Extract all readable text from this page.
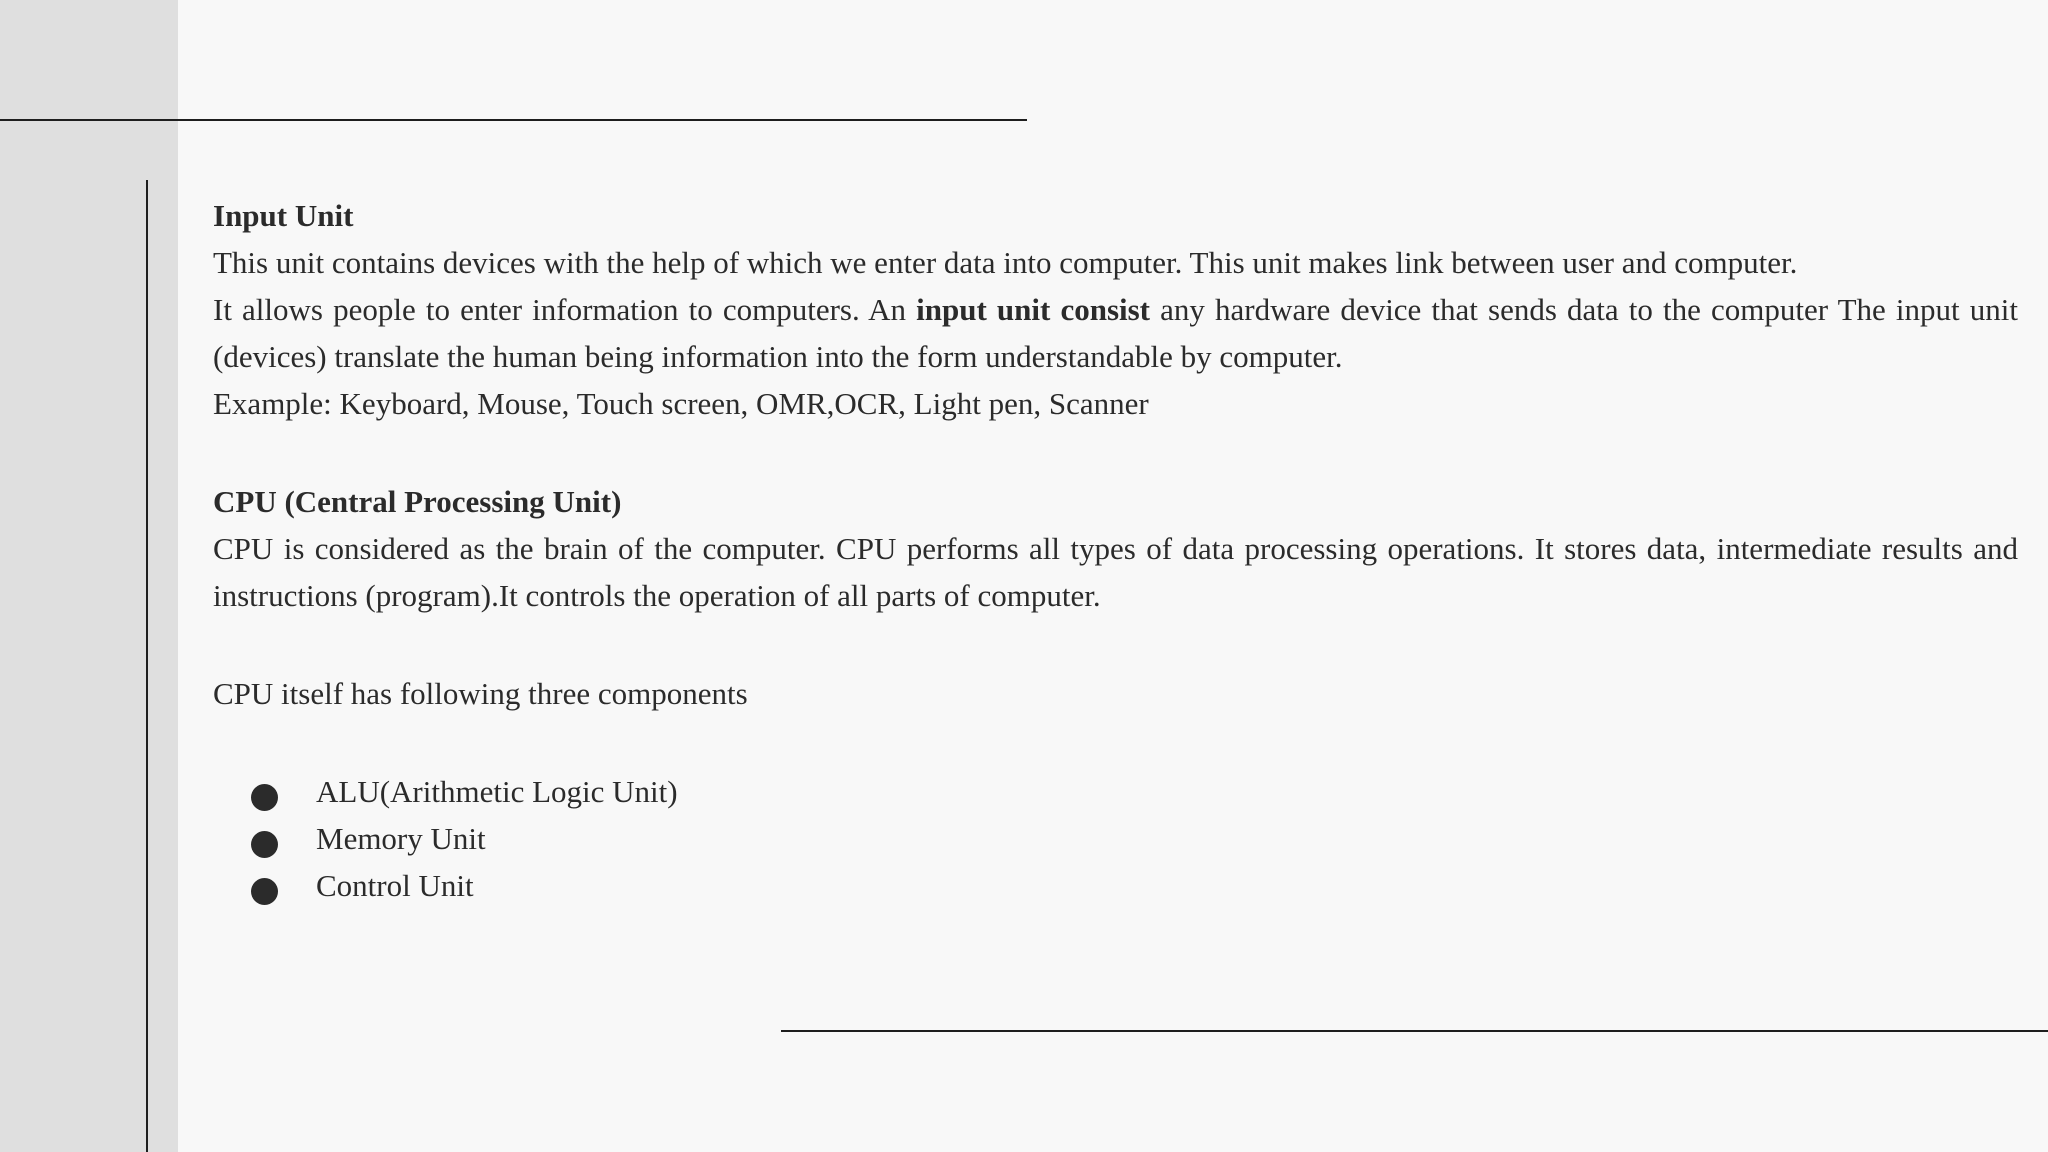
Input Unit

This unit contains devices with the help of which we enter data into computer. This unit makes link between user and computer.

It allows people to enter information to computers. An input unit consist any hardware device that sends data to the computer The input unit (devices) translate the human being information into the form understandable by computer.

Example: Keyboard, Mouse, Touch screen, OMR,OCR, Light pen, Scanner

CPU (Central Processing Unit)

CPU is considered as the brain of the computer. CPU performs all types of data processing operations. It stores data, intermediate results and instructions (program).It controls the operation of all parts of computer.

CPU itself has following three components

ALU(Arithmetic Logic Unit)
Memory Unit
Control Unit
